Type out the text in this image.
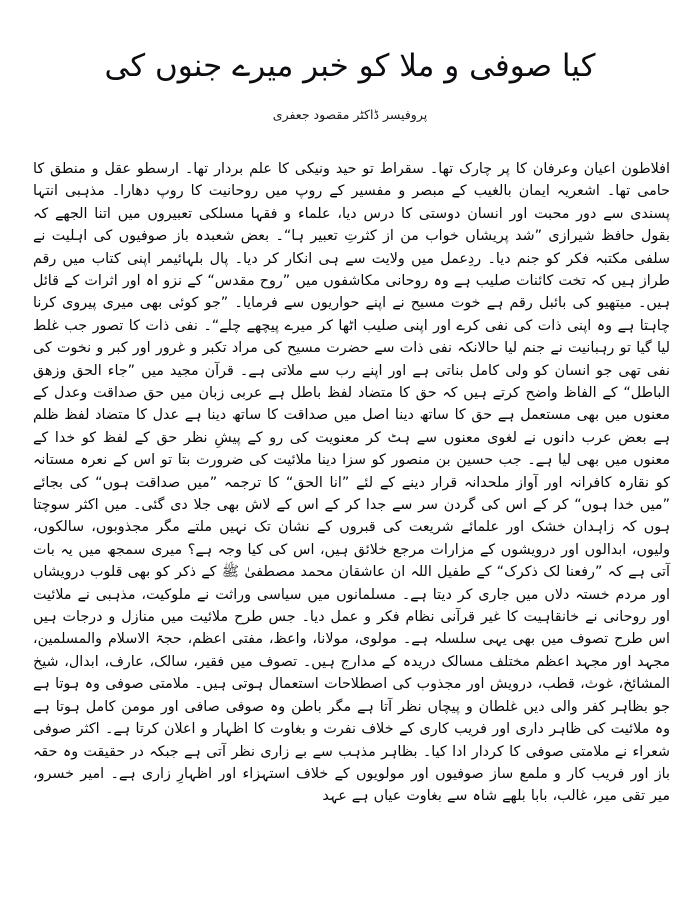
کیا صوفی و ملا کو خبر میرے جنوں کی
پروفیسر ڈاکٹر مقصود جعفری

افلاطون اعیان وعرفان کا پر چارک تھا۔ سقراط تو حید ونیکی کا علم بردار تھا۔ ارسطو عقل و منطق کا حامی تھا۔ اشعریہ ایمان بالغیب کے مبصر و مفسیر کے روپ میں روحانیت کا روپ دھارا۔ مذہبی انتہا پسندی سے دور محبت اور انسان دوستی کا درس دیا، علماء و فقہا مسلکی تعبیروں میں اتنا الجھے کہ بقول حافظ شیرازی ”شد پریشاں خواب من از کثرتِ تعبیر ہا“۔ بعض شعبدہ باز صوفیوں کی اہلیت نے سلفی مکتبہ فکر کو جنم دیا۔ ردِعمل میں ولایت سے ہی انکار کر دیا۔ پال بلہائیمر اپنی کتاب میں رقم طراز ہیں کہ تخت کائنات صلیب ہے وہ روحانی مکاشفوں میں ”روح مقدس“ کے نزو اہ اور اثرات کے قائل ہیں۔ میتھیو کی بائبل رقم ہے خوت مسیح نے اپنے حواریوں سے فرمایا۔ ”جو کوئی بھی میری پیروی کرنا چاہتا ہے وہ اپنی ذات کی نفی کرے اور اپنی صلیب اٹھا کر میرے پیچھے چلے“۔ نفی ذات کا تصور جب غلط لیا گیا تو رہبانیت نے جنم لیا حالانکہ نفی ذات سے حضرت مسیح کی مراد تکبر و غرور اور کبر و نخوت کی نفی تھی جو انسان کو ولی کامل بناتی ہے اور اپنے رب سے ملاتی ہے۔ قرآن مجید میں ”جاء الحق وزھق الباطل“ کے الفاظ واضح کرتے ہیں کہ حق کا متضاد لفظ باطل ہے عربی زبان میں حق صداقت وعدل کے معنوں میں بھی مستعمل ہے حق کا ساتھ دینا اصل میں صداقت کا ساتھ دینا ہے عدل کا متضاد لفظ ظلم ہے بعض عرب دانوں نے لغوی معنوں سے ہٹ کر معنویت کی رو کے پیشِ نظر حق کے لفظ کو خدا کے معنوں میں بھی لیا ہے۔ جب حسین بن منصور کو سزا دینا ملائیت کی ضرورت بتا تو اس کے نعرہ مستانہ کو نقارہ کافرانہ اور آواز ملحدانہ قرار دینے کے لئے ”انا الحق“ کا ترجمہ ”میں صداقت ہوں“ کی بجائے ”میں خدا ہوں“ کر کے اس کی گردن سر سے جدا کر کے اس کے لاش بھی جلا دی گئی۔ میں اکثر سوچتا ہوں کہ زاہدان خشک اور علمائے شریعت کی قبروں کے نشان تک نہیں ملتے مگر مجذوبوں، سالکوں، ولیوں، ابدالوں اور درویشوں کے مزارات مرجع خلائق ہیں، اس کی کیا وجہ ہے؟ میری سمجھ میں یہ بات آتی ہے کہ ”رفعنا لک ذکرک“ کے طفیل اللہ ان عاشقان محمد مصطفیٰ ﷺ کے ذکر کو بھی قلوب درویشاں اور مردم خستہ دلاں میں جاری کر دیتا ہے۔ مسلمانوں میں سیاسی وراثت نے ملوکیت، مذہبی نے ملائیت اور روحانی نے خانقاہیت کا غیر قرآنی نظام فکر و عمل دیا۔ جس طرح ملائیت میں منازل و درجات ہیں اس طرح تصوف میں بھی یہی سلسلہ ہے۔ مولوی، مولانا، واعظ، مفتی اعظم، حجۃ الاسلام والمسلمین، مجہد اور مجہد اعظم مختلف مسالک دریدہ کے مدارج ہیں۔ تصوف میں فقیر، سالک، عارف، ابدال، شیخ المشائخ، غوث، قطب، درویش اور مجذوب کی اصطلاحات استعمال ہوتی ہیں۔ ملامتی صوفی وہ ہوتا ہے جو بظاہر کفر والی دیں غلطان و پیچاں نظر آتا ہے مگر باطن وہ صوفی صافی اور مومن کامل ہوتا ہے وہ ملائیت کی ظاہر داری اور فریب کاری کے خلاف نفرت و بغاوت کا اظہار و اعلان کرتا ہے۔ اکثر صوفی شعراء نے ملامتی صوفی کا کردار ادا کیا۔ بظاہر مذہب سے بے زاری نظر آتی ہے جبکہ در حقیقت وہ حقہ باز اور فریب کار و ملمع ساز صوفیوں اور مولویوں کے خلاف استہزاء اور اظہارِ زاری ہے۔ امیر خسرو، میر تقی میر، غالب، بابا بلھے شاہ سے بغاوت عیاں ہے عہد
